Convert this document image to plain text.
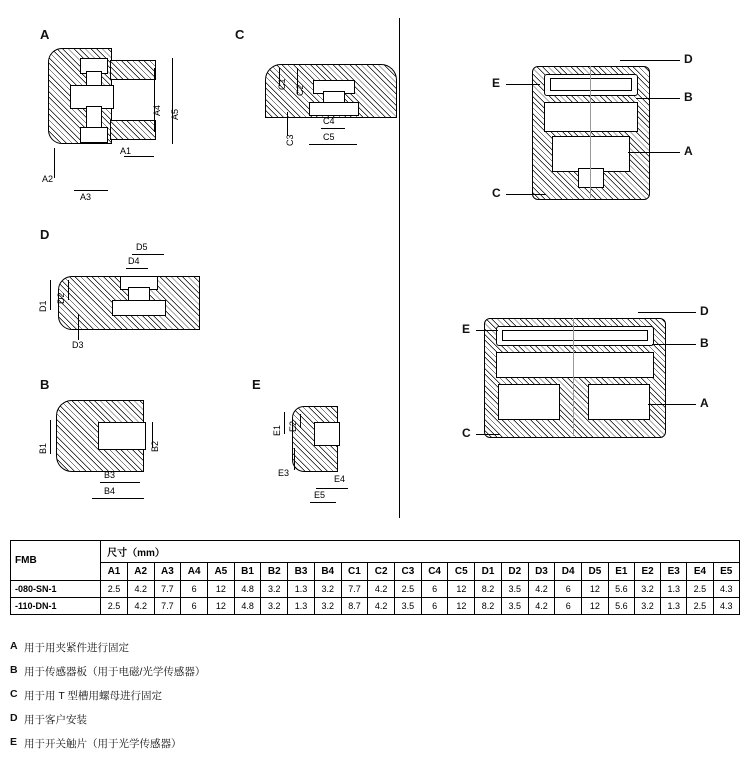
A
A4 A5
A1
A2
A3
C
C1
C2
C3
C4
C5
D
D5
D4
D1
D2
D3
B
B1	B2
B3
B4
E
E1 E2
E3
E4
E5
D
B
A
C
E
D
B
A
C
E
FMB	尺寸（mm）																							
	A1	A2	A3	A4	A5	B1	B2	B3	B4	C1	C2	C3	C4	C5	D1	D2	D3	D4	D5	E1	E2	E3	E4	E5
-080-SN-1	2.5	4.2	7.7	6	12	4.8	3.2	1.3	3.2	7.7	4.2	2.5	6	12	8.2	3.5	4.2	6	12	5.6	3.2	1.3	2.5	4.3
-110-DN-1	2.5	4.2	7.7	6	12	4.8	3.2	1.3	3.2	8.7	4.2	3.5	6	12	8.2	3.5	4.2	6	12	5.6	3.2	1.3	2.5	4.3
A 用于用夹紧件进行固定
B 用于传感器板（用于电磁/光学传感器）
C 用于用 T 型槽用螺母进行固定
D 用于客户安装
E 用于开关触片（用于光学传感器）
